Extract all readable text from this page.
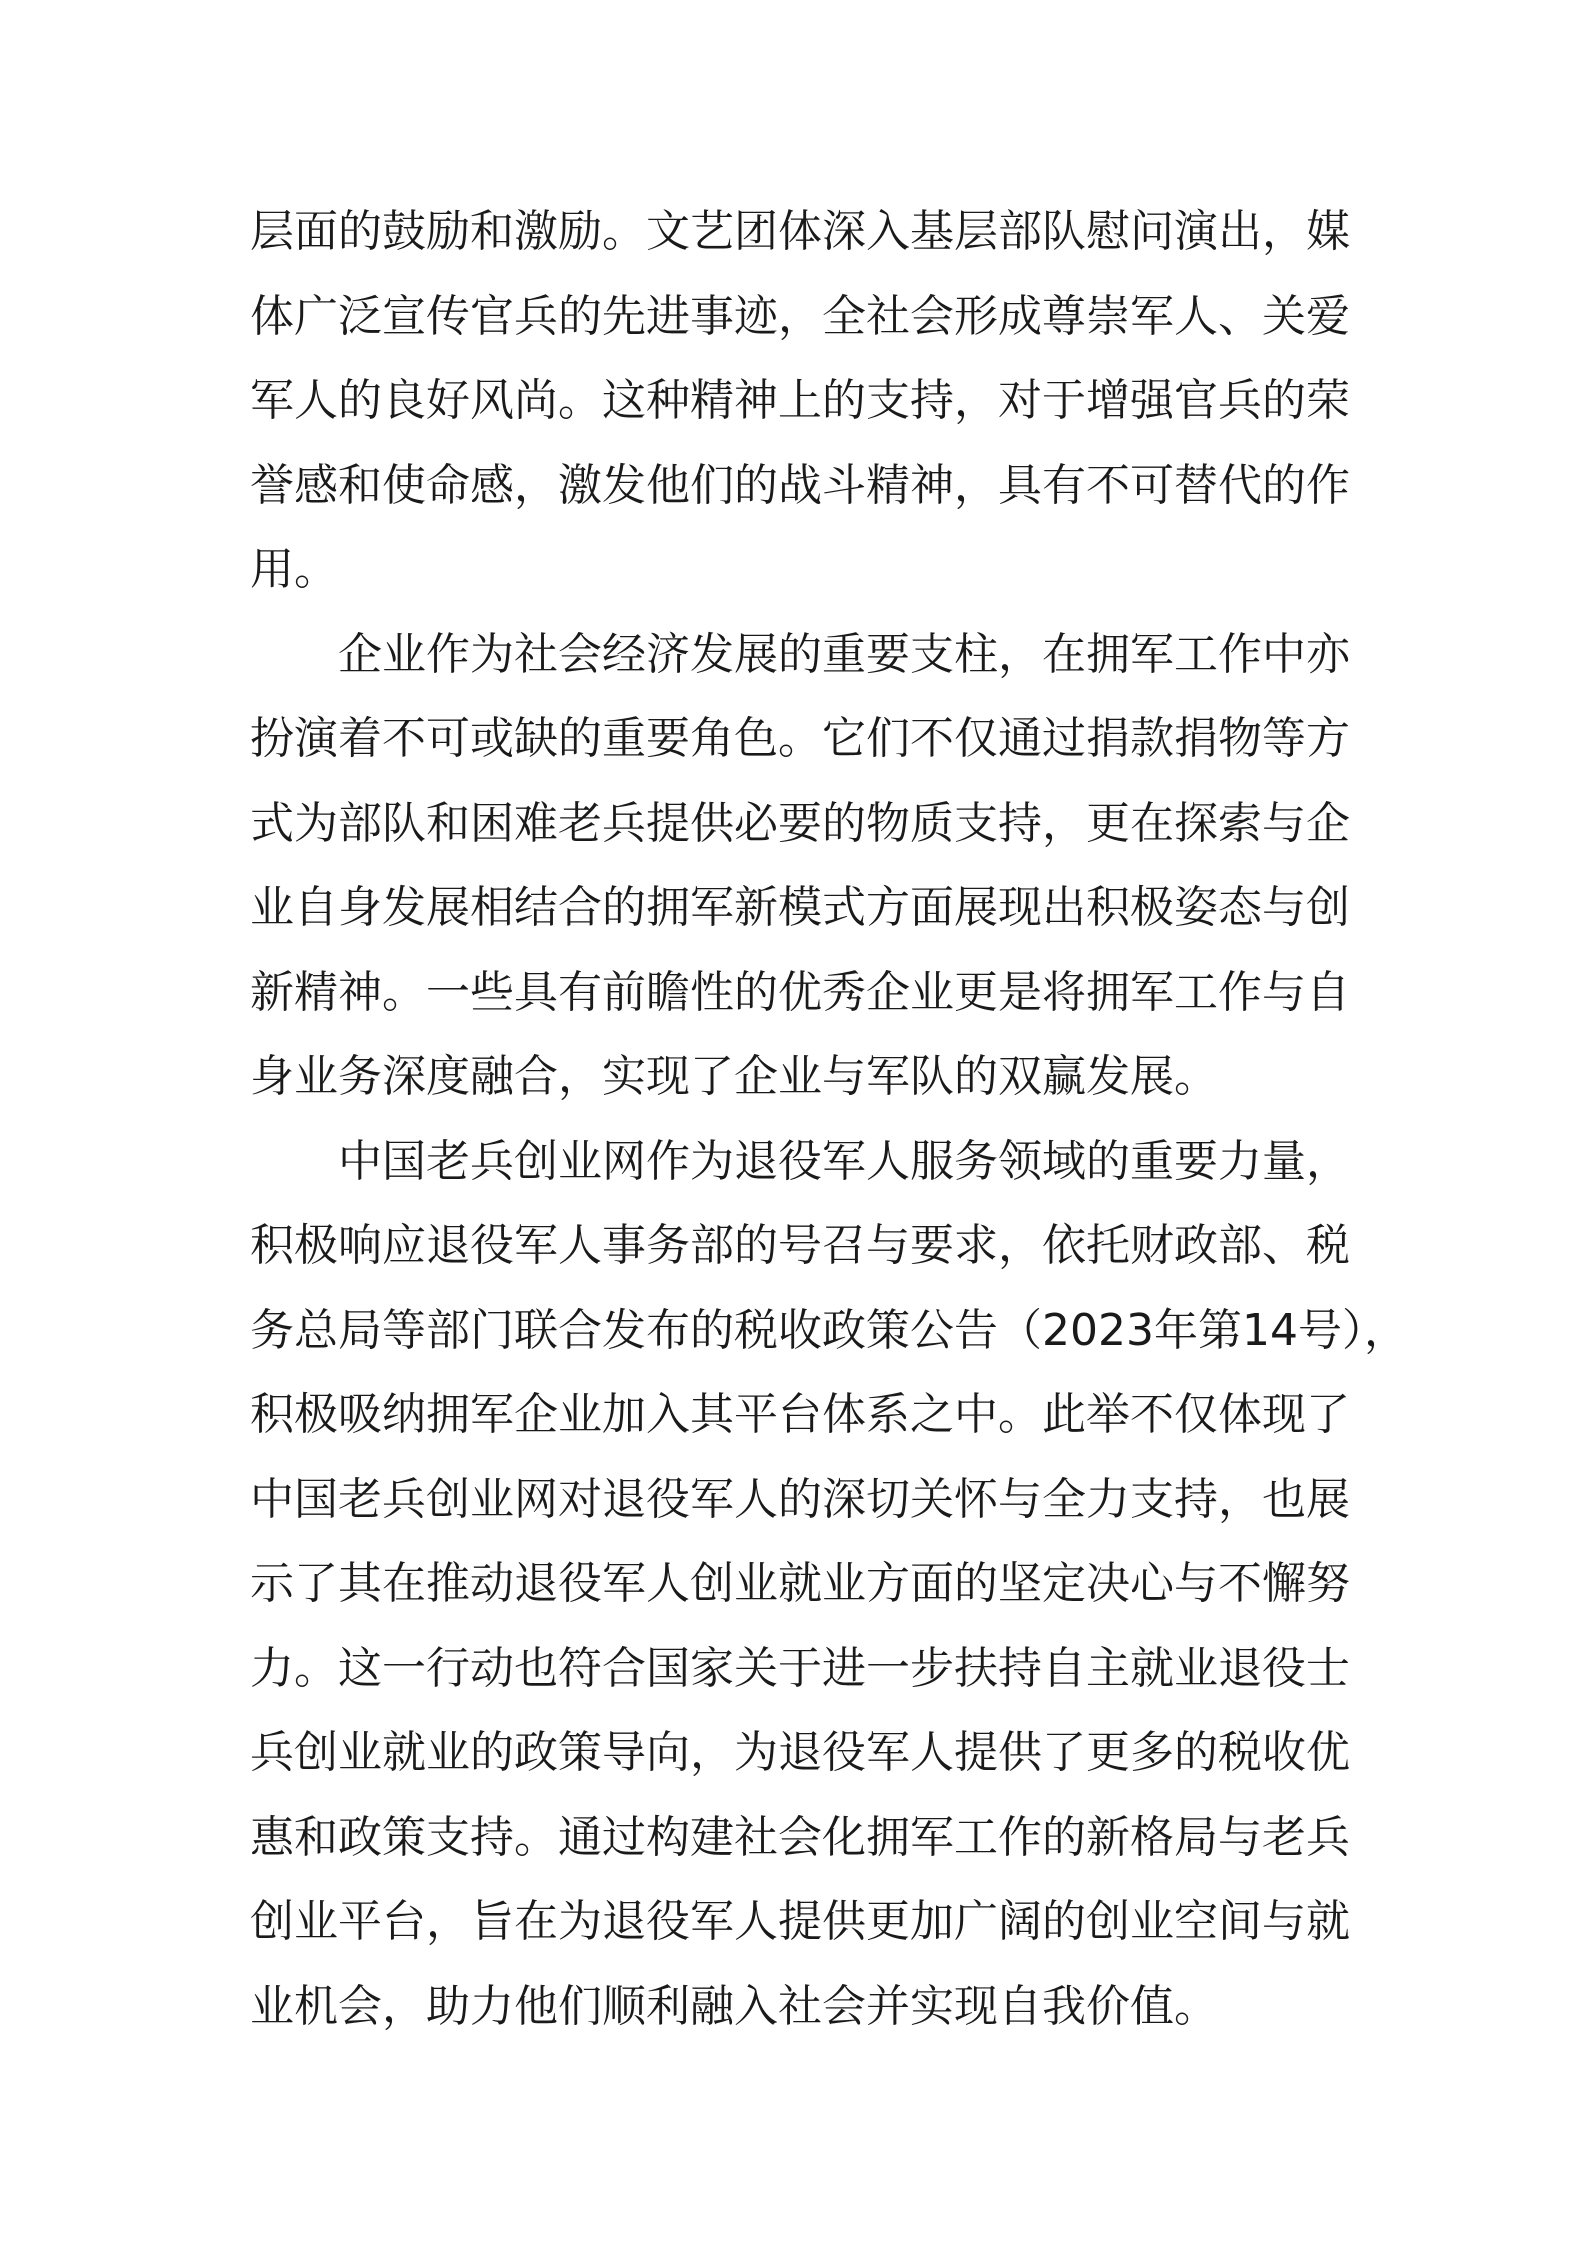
层面的鼓励和激励。文艺团体深入基层部队慰问演出，媒
体广泛宣传官兵的先进事迹，全社会形成尊崇军人、关爱
军人的良好风尚。这种精神上的支持，对于增强官兵的荣
誉感和使命感，激发他们的战斗精神，具有不可替代的作
用。
企业作为社会经济发展的重要支柱，在拥军工作中亦
扮演着不可或缺的重要角色。它们不仅通过捐款捐物等方
式为部队和困难老兵提供必要的物质支持，更在探索与企
业自身发展相结合的拥军新模式方面展现出积极姿态与创
新精神。一些具有前瞻性的优秀企业更是将拥军工作与自
身业务深度融合，实现了企业与军队的双赢发展。
中国老兵创业网作为退役军人服务领域的重要力量，
积极响应退役军人事务部的号召与要求，依托财政部、税
务总局等部门联合发布的税收政策公告（2023年第14号），
积极吸纳拥军企业加入其平台体系之中。此举不仅体现了
中国老兵创业网对退役军人的深切关怀与全力支持，也展
示了其在推动退役军人创业就业方面的坚定决心与不懈努
力。这一行动也符合国家关于进一步扶持自主就业退役士
兵创业就业的政策导向，为退役军人提供了更多的税收优
惠和政策支持。通过构建社会化拥军工作的新格局与老兵
创业平台，旨在为退役军人提供更加广阔的创业空间与就
业机会，助力他们顺利融入社会并实现自我价值。
